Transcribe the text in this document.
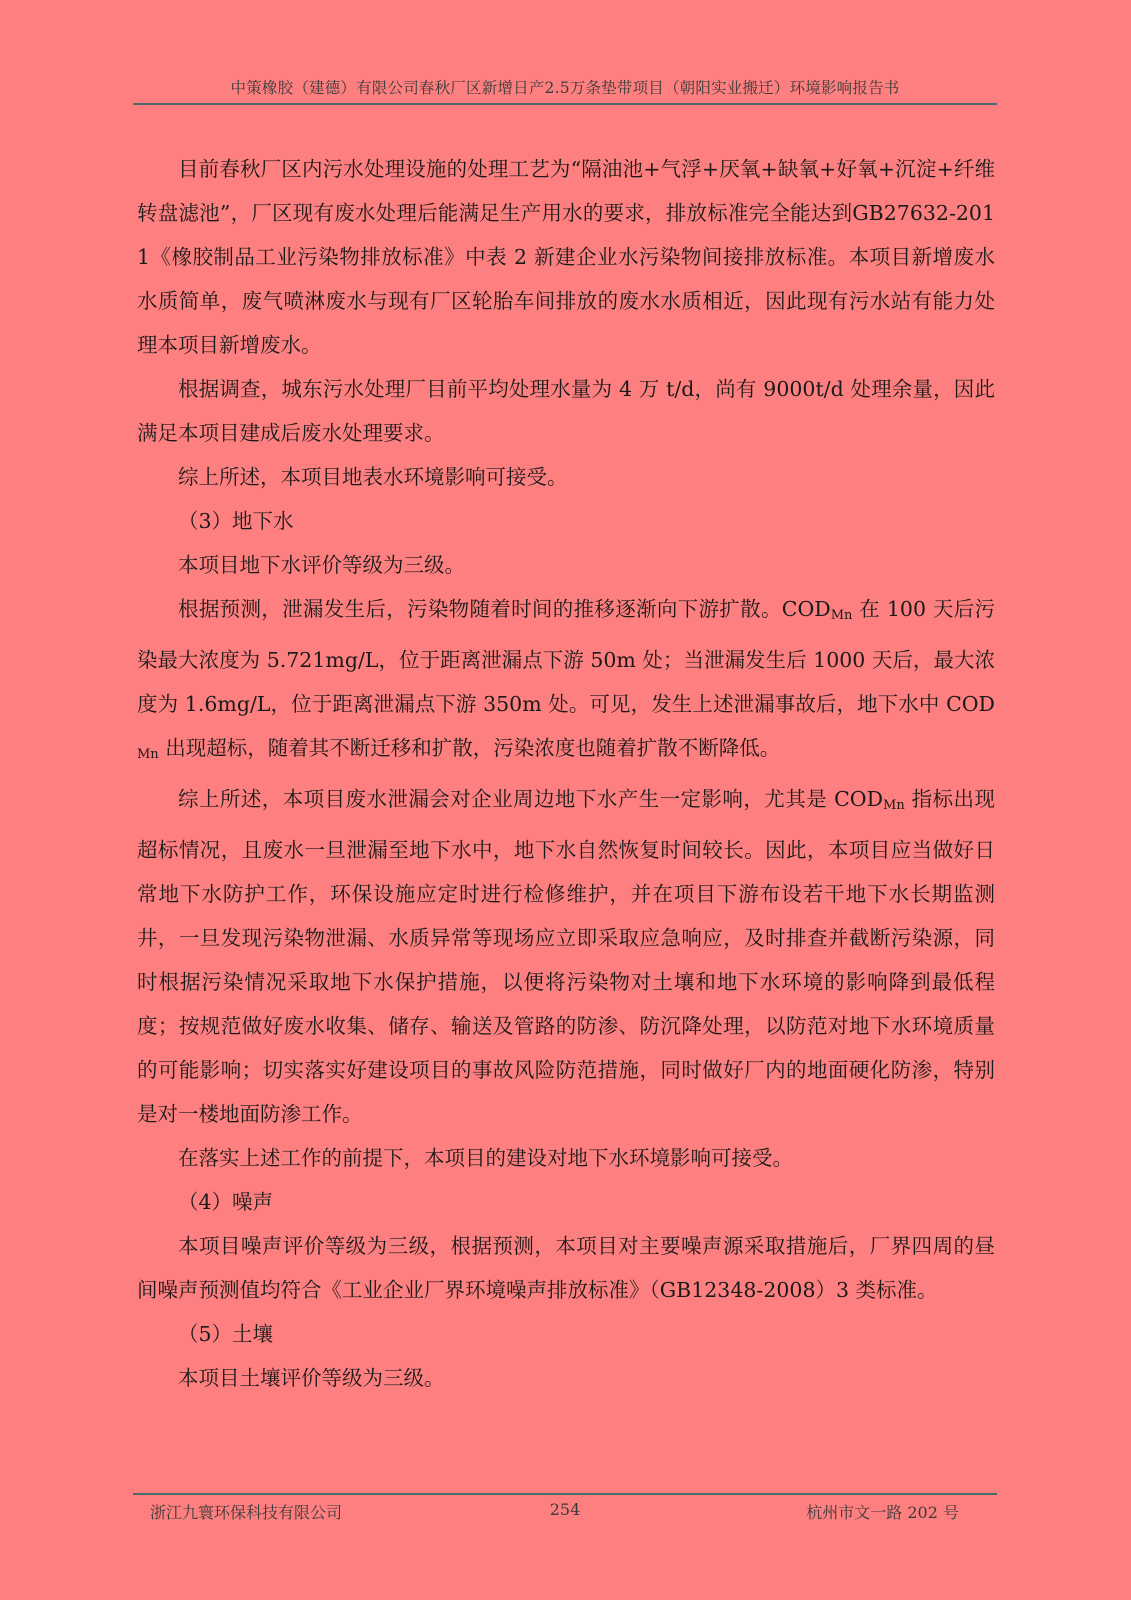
中策橡胶（建德）有限公司春秋厂区新增日产2.5万条垫带项目（朝阳实业搬迁）环境影响报告书

目前春秋厂区内污水处理设施的处理工艺为“隔油池+气浮+厌氧+缺氧+好氧+沉淀+纤维转盘滤池”，厂区现有废水处理后能满足生产用水的要求，排放标准完全能达到GB27632-2011《橡胶制品工业污染物排放标准》中表 2 新建企业水污染物间接排放标准。本项目新增废水水质简单，废气喷淋废水与现有厂区轮胎车间排放的废水水质相近，因此现有污水站有能力处理本项目新增废水。

根据调查，城东污水处理厂目前平均处理水量为 4 万 t/d，尚有 9000t/d 处理余量，因此满足本项目建成后废水处理要求。

综上所述，本项目地表水环境影响可接受。

（3）地下水

本项目地下水评价等级为三级。

根据预测，泄漏发生后，污染物随着时间的推移逐渐向下游扩散。$COD_{Mn}$ 在 100 天后污染最大浓度为 5.721mg/L，位于距离泄漏点下游 50m 处；当泄漏发生后 1000 天后，最大浓度为 1.6mg/L，位于距离泄漏点下游 350m 处。可见，发生上述泄漏事故后，地下水中 $COD_{Mn}$ 出现超标，随着其不断迁移和扩散，污染浓度也随着扩散不断降低。

综上所述，本项目废水泄漏会对企业周边地下水产生一定影响，尤其是 $COD_{Mn}$ 指标出现超标情况，且废水一旦泄漏至地下水中，地下水自然恢复时间较长。因此，本项目应当做好日常地下水防护工作，环保设施应定时进行检修维护，并在项目下游布设若干地下水长期监测井，一旦发现污染物泄漏、水质异常等现场应立即采取应急响应，及时排查并截断污染源，同时根据污染情况采取地下水保护措施，以便将污染物对土壤和地下水环境的影响降到最低程度；按规范做好废水收集、储存、输送及管路的防渗、防沉降处理，以防范对地下水环境质量的可能影响；切实落实好建设项目的事故风险防范措施，同时做好厂内的地面硬化防渗，特别是对一楼地面防渗工作。

在落实上述工作的前提下，本项目的建设对地下水环境影响可接受。

（4）噪声

本项目噪声评价等级为三级，根据预测，本项目对主要噪声源采取措施后，厂界四周的昼间噪声预测值均符合《工业企业厂界环境噪声排放标准》（GB12348-2008）3 类标准。

（5）土壤

本项目土壤评价等级为三级。

浙江九寰环保科技有限公司	254	杭州市文一路 202 号
